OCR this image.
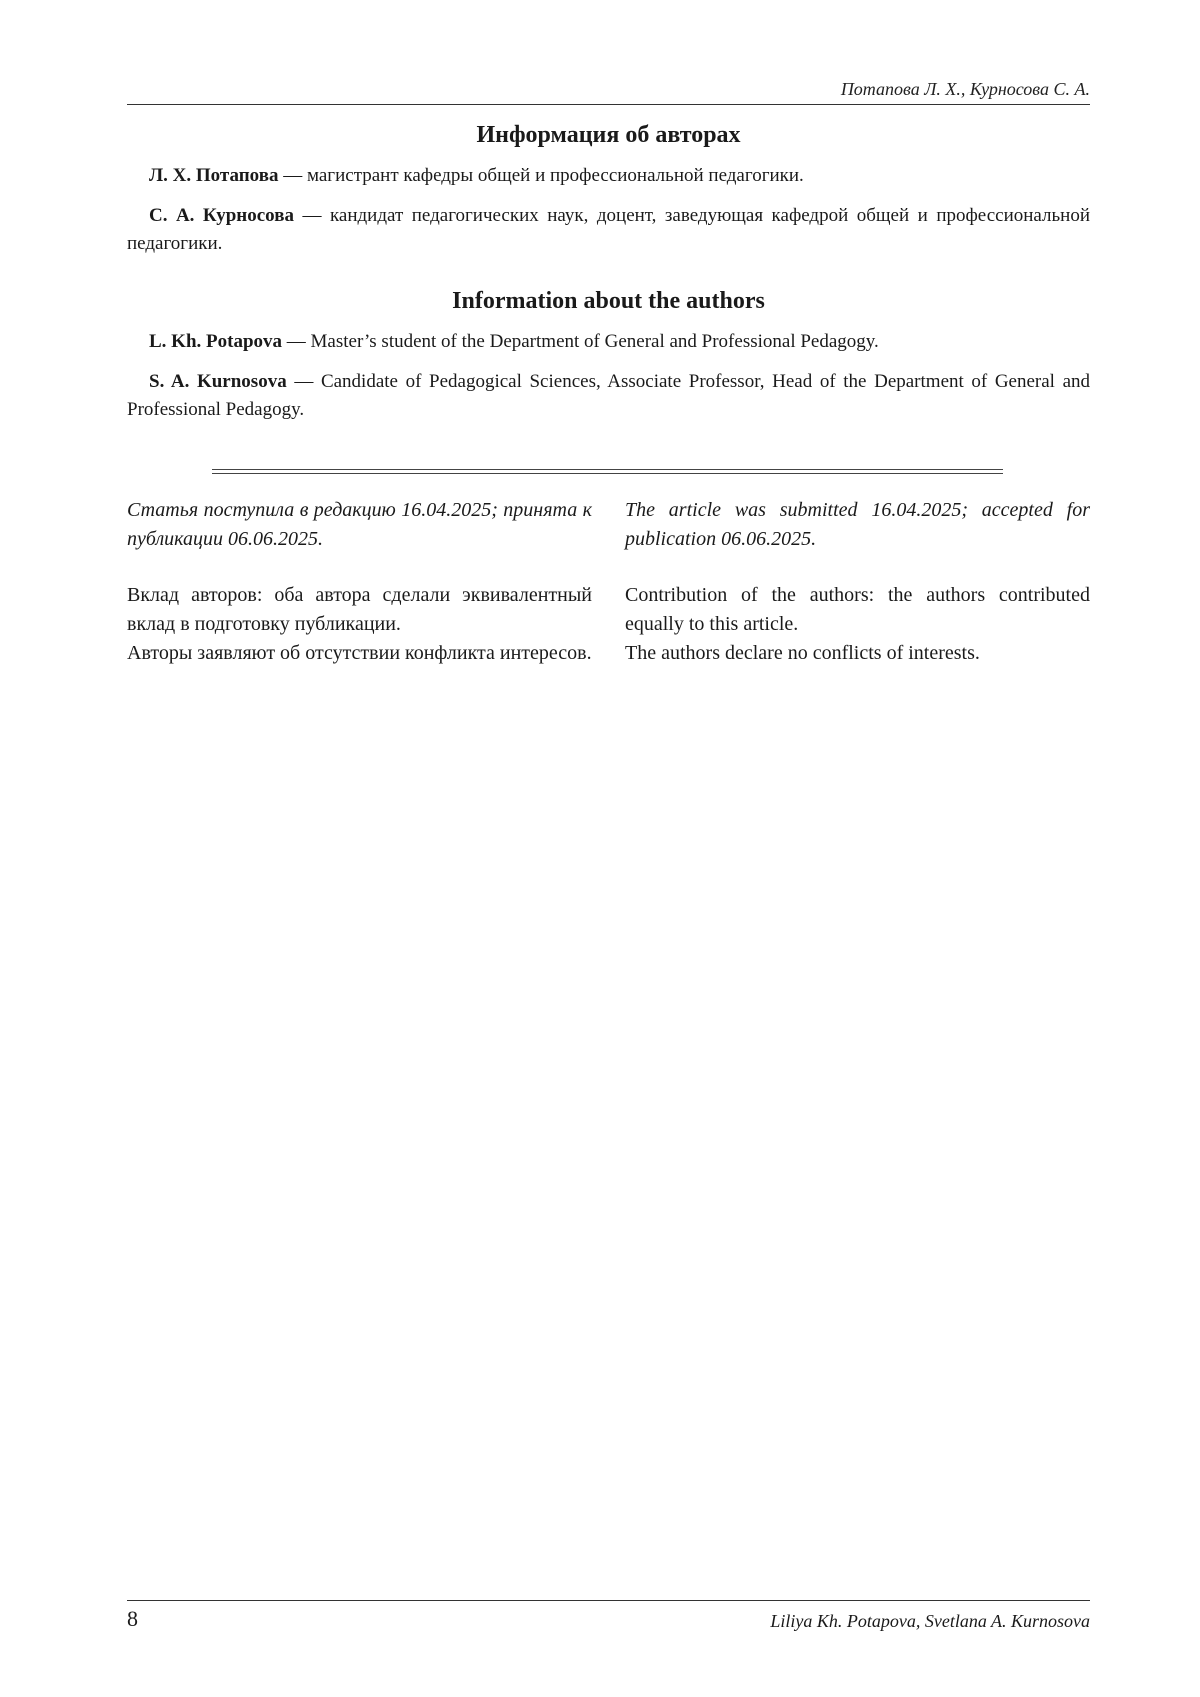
Потапова Л. Х., Курносова С. А.
Информация об авторах

Л. Х. Потапова — магистрант кафедры общей и профессиональной педагогики.

С. А. Курносова — кандидат педагогических наук, доцент, заведующая кафедрой общей и профессиональной педагогики.

Information about the authors

L. Kh. Potapova — Master’s student of the Department of General and Professional Pedagogy.

S. A. Kurnosova — Candidate of Pedagogical Sciences, Associate Professor, Head of the Department of General and Professional Pedagogy.

Статья поступила в редакцию 16.04.2025; принята к публикации 06.06.2025.

Вклад авторов: оба автора сделали эквивалентный вклад в подготовку публикации.

Авторы заявляют об отсутствии конфликта интересов.

The article was submitted 16.04.2025; accepted for publication 06.06.2025.

Contribution of the authors: the authors contributed equally to this article.

The authors declare no conflicts of interests.

8	Liliya Kh. Potapova, Svetlana A. Kurnosova
